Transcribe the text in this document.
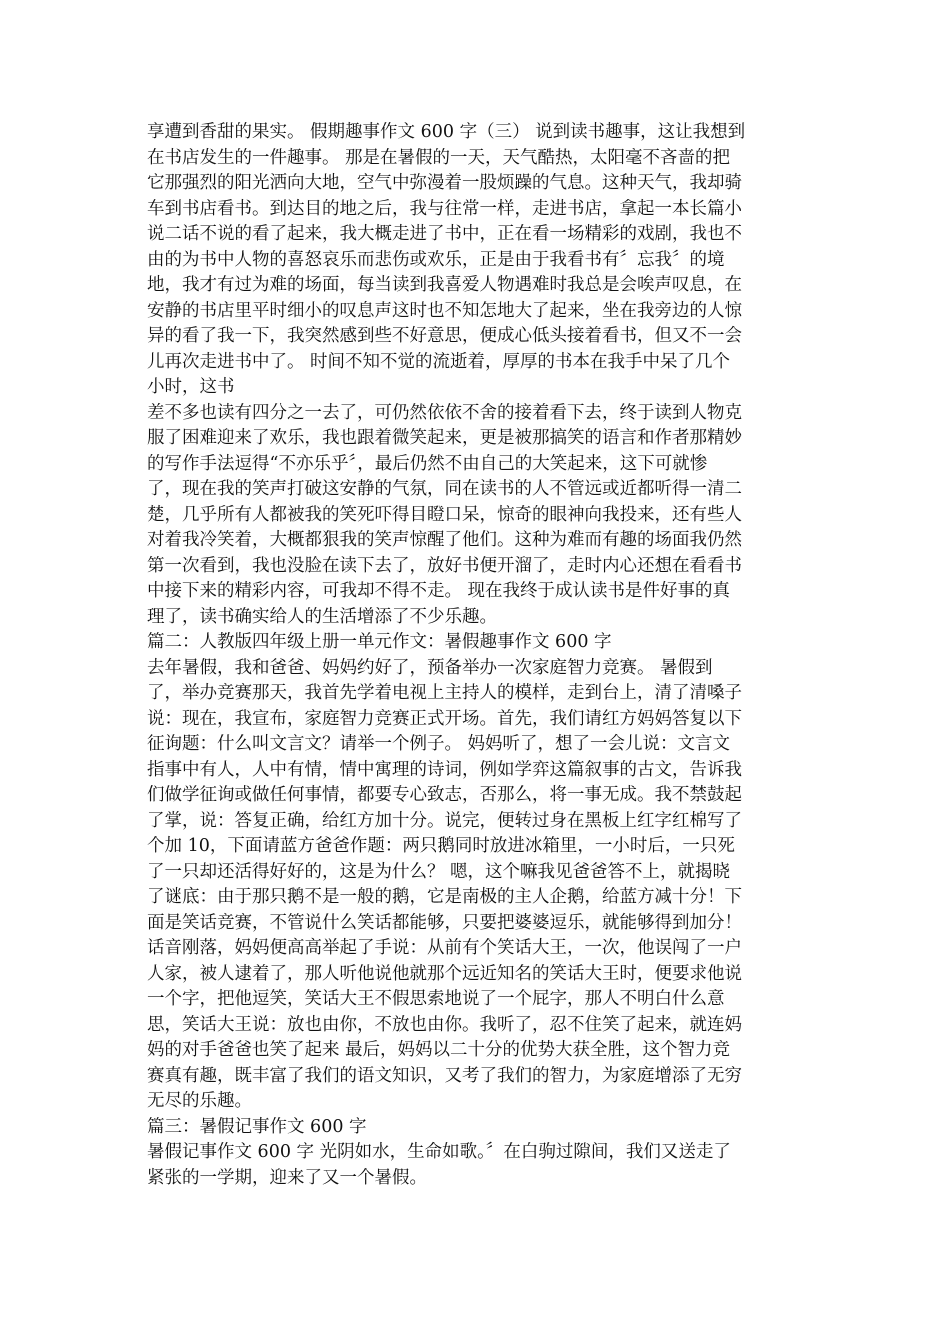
享遭到香甜的果实。 假期趣事作文 600 字（三） 说到读书趣事，这让我想到
在书店发生的一件趣事。 那是在暑假的一天，天气酷热，太阳毫不吝啬的把
它那强烈的阳光洒向大地，空气中弥漫着一股烦躁的气息。这种天气，我却骑
车到书店看书。到达目的地之后，我与往常一样，走进书店，拿起一本长篇小
说二话不说的看了起来，我大概走进了书中，正在看一场精彩的戏剧，我也不
由的为书中人物的喜怒哀乐而悲伤或欢乐，正是由于我看书有〞忘我〞的境
地，我才有过为难的场面，每当读到我喜爱人物遇难时我总是会唉声叹息，在
安静的书店里平时细小的叹息声这时也不知怎地大了起来，坐在我旁边的人惊
异的看了我一下，我突然感到些不好意思，便成心低头接着看书，但又不一会
儿再次走进书中了。 时间不知不觉的流逝着，厚厚的书本在我手中呆了几个
小时，这书
差不多也读有四分之一去了，可仍然依依不舍的接着看下去，终于读到人物克
服了困难迎来了欢乐，我也跟着微笑起来，更是被那搞笑的语言和作者那精妙
的写作手法逗得“不亦乐乎〞，最后仍然不由自己的大笑起来，这下可就惨
了，现在我的笑声打破这安静的气氛，同在读书的人不管远或近都听得一清二
楚，几乎所有人都被我的笑死吓得目瞪口呆，惊奇的眼神向我投来，还有些人
对着我冷笑着，大概都狠我的笑声惊醒了他们。这种为难而有趣的场面我仍然
第一次看到，我也没脸在读下去了，放好书便开溜了，走时内心还想在看看书
中接下来的精彩内容，可我却不得不走。 现在我终于成认读书是件好事的真
理了，读书确实给人的生活增添了不少乐趣。
篇二：人教版四年级上册一单元作文：暑假趣事作文 600 字
去年暑假，我和爸爸、妈妈约好了，预备举办一次家庭智力竞赛。 暑假到
了，举办竞赛那天，我首先学着电视上主持人的模样，走到台上，清了清嗓子
说：现在，我宣布，家庭智力竞赛正式开场。首先，我们请红方妈妈答复以下
征询题：什么叫文言文？请举一个例子。 妈妈听了，想了一会儿说：文言文
指事中有人，人中有情，情中寓理的诗词，例如学弈这篇叙事的古文，告诉我
们做学征询或做任何事情，都要专心致志，否那么，将一事无成。我不禁鼓起
了掌，说：答复正确，给红方加十分。说完，便转过身在黑板上红字红棉写了
个加 10，下面请蓝方爸爸作题：两只鹅同时放进冰箱里，一小时后，一只死
了一只却还活得好好的，这是为什么？ 嗯，这个嘛我见爸爸答不上，就揭晓
了谜底：由于那只鹅不是一般的鹅，它是南极的主人企鹅，给蓝方减十分！下
面是笑话竞赛，不管说什么笑话都能够，只要把婆婆逗乐，就能够得到加分！
话音刚落，妈妈便高高举起了手说：从前有个笑话大王，一次，他误闯了一户
人家，被人逮着了，那人听他说他就那个远近知名的笑话大王时，便要求他说
一个字，把他逗笑，笑话大王不假思索地说了一个屁字，那人不明白什么意
思，笑话大王说：放也由你，不放也由你。我听了，忍不住笑了起来，就连妈
妈的对手爸爸也笑了起来 最后，妈妈以二十分的优势大获全胜，这个智力竞
赛真有趣，既丰富了我们的语文知识，又考了我们的智力，为家庭增添了无穷
无尽的乐趣。
篇三：暑假记事作文 600 字
暑假记事作文 600 字 光阴如水，生命如歌。〞在白驹过隙间，我们又送走了
紧张的一学期，迎来了又一个暑假。
